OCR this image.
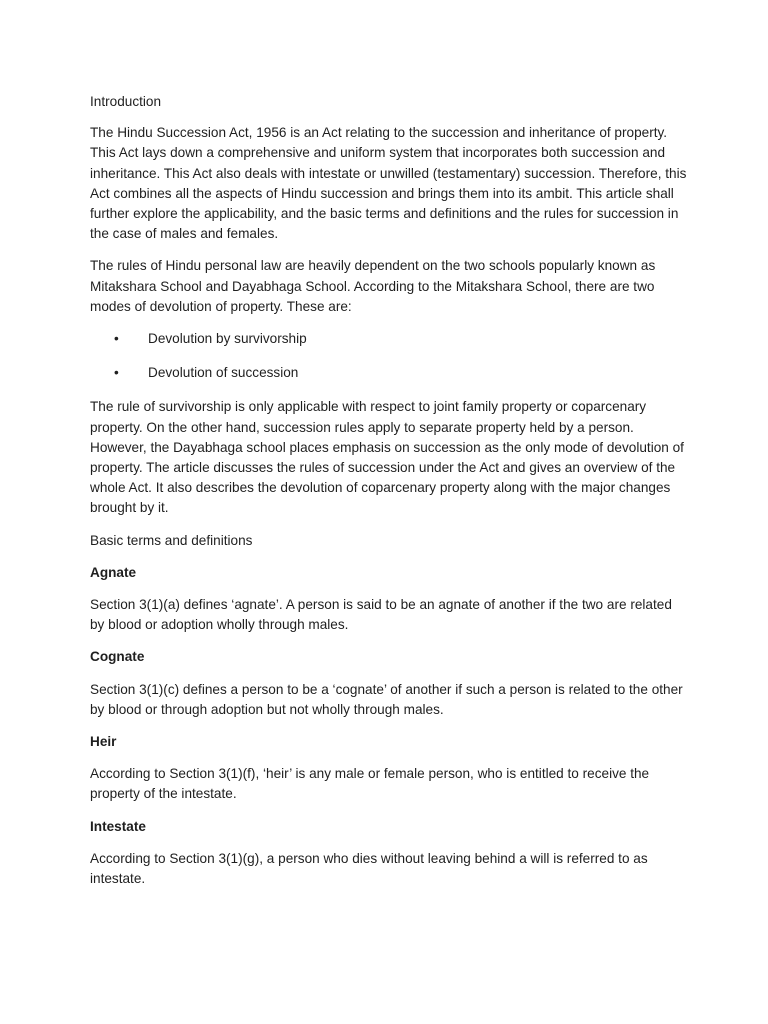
Introduction

The Hindu Succession Act, 1956 is an Act relating to the succession and inheritance of property. This Act lays down a comprehensive and uniform system that incorporates both succession and inheritance. This Act also deals with intestate or unwilled (testamentary) succession. Therefore, this Act combines all the aspects of Hindu succession and brings them into its ambit. This article shall further explore the applicability, and the basic terms and definitions and the rules for succession in the case of males and females.

The rules of Hindu personal law are heavily dependent on the two schools popularly known as Mitakshara School and Dayabhaga School. According to the Mitakshara School, there are two modes of devolution of property. These are:

• Devolution by survivorship
• Devolution of succession

The rule of survivorship is only applicable with respect to joint family property or coparcenary property. On the other hand, succession rules apply to separate property held by a person. However, the Dayabhaga school places emphasis on succession as the only mode of devolution of property. The article discusses the rules of succession under the Act and gives an overview of the whole Act. It also describes the devolution of coparcenary property along with the major changes brought by it.

Basic terms and definitions

Agnate

Section 3(1)(a) defines ‘agnate’. A person is said to be an agnate of another if the two are related by blood or adoption wholly through males.

Cognate

Section 3(1)(c) defines a person to be a ‘cognate’ of another if such a person is related to the other by blood or through adoption but not wholly through males.

Heir

According to Section 3(1)(f), ‘heir’ is any male or female person, who is entitled to receive the property of the intestate.

Intestate

According to Section 3(1)(g), a person who dies without leaving behind a will is referred to as intestate.
